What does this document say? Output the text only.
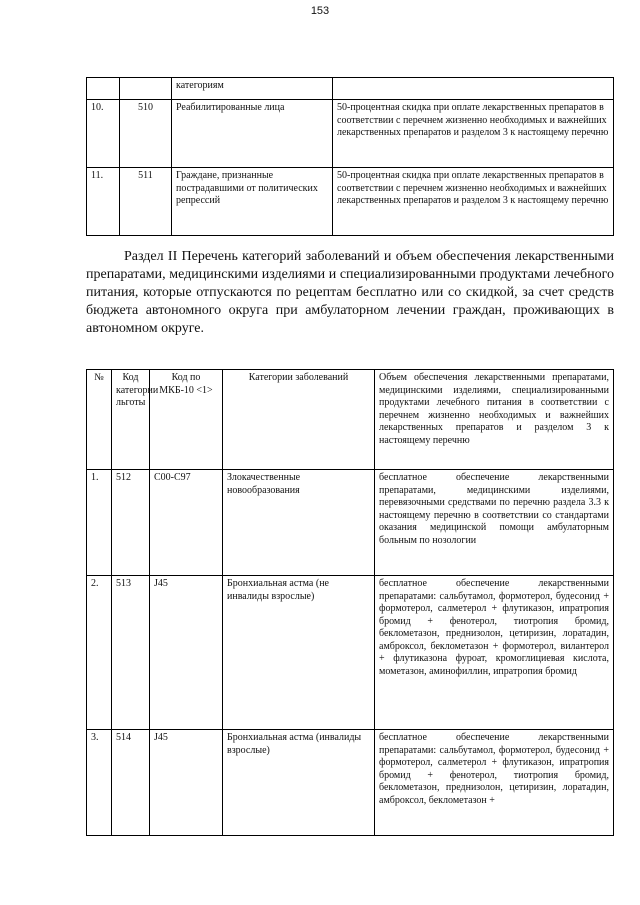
153
		категориям	
10.	510	Реабилитированные лица	50-процентная скидка при оплате лекарственных препаратов в соответствии с перечнем жизненно необходимых и важнейших лекарственных препаратов и разделом 3 к настоящему перечню
11.	511	Граждане, признанные пострадавшими от политических репрессий	50-процентная скидка при оплате лекарственных препаратов в соответствии с перечнем жизненно необходимых и важнейших лекарственных препаратов и разделом 3 к настоящему перечню

Раздел II Перечень категорий заболеваний и объем обеспечения лекарственными препаратами, медицинскими изделиями и специализированными продуктами лечебного питания, которые отпускаются по рецептам бесплатно или со скидкой, за счет средств бюджета автономного округа при амбулаторном лечении граждан, проживающих в автономном округе.

№	Код категории льготы	Код по МКБ-10 <1>	Категории заболеваний	Объем обеспечения лекарственными препаратами, медицинскими изделиями, специализированными продуктами лечебного питания в соответствии с перечнем жизненно необходимых и важнейших лекарственных препаратов и разделом 3 к настоящему перечню
1.	512	C00-C97	Злокачественные новообразования	бесплатное обеспечение лекарственными препаратами, медицинскими изделиями, перевязочными средствами по перечню раздела 3.3 к настоящему перечню в соответствии со стандартами оказания медицинской помощи амбулаторным больным по нозологии
2.	513	J45	Бронхиальная астма (не инвалиды взрослые)	бесплатное обеспечение лекарственными препаратами: сальбутамол, формотерол, будесонид + формотерол, салметерол + флутиказон, ипратропия бромид + фенотерол, тиотропия бромид, беклометазон, преднизолон, цетиризин, лоратадин, амброксол, беклометазон + формотерол, вилантерол + флутиказона фуроат, кромоглициевая кислота, мометазон, аминофиллин, ипратропия бромид
3.	514	J45	Бронхиальная астма (инвалиды взрослые)	бесплатное обеспечение лекарственными препаратами: сальбутамол, формотерол, будесонид + формотерол, салметерол + флутиказон, ипратропия бромид + фенотерол, тиотропия бромид, беклометазон, преднизолон, цетиризин, лоратадин, амброксол, беклометазон +
